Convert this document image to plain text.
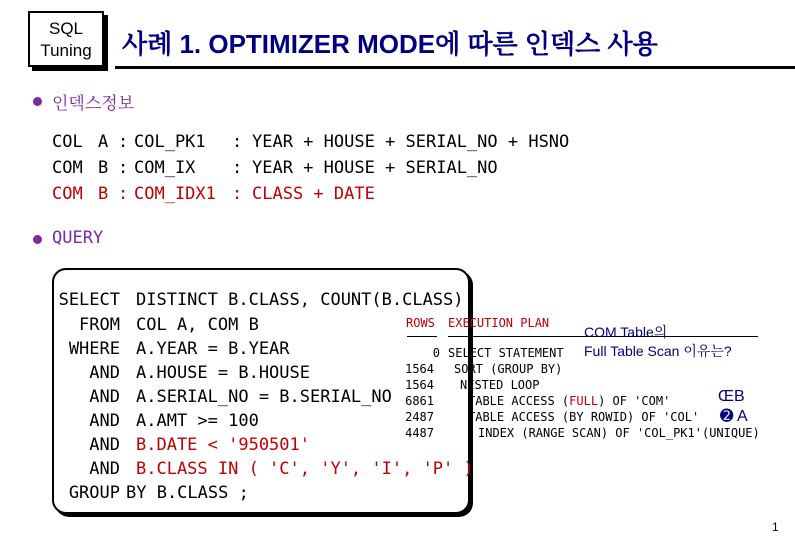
SQL
Tuning	사례 1. OPTIMIZER MODE에 따른 인덱스 사용
인덱스정보
COL A : COL_PK1 : YEAR + HOUSE + SERIAL_NO + HSNO
COM B : COM_IX : YEAR + HOUSE + SERIAL_NO
COM B : COM_IDX1 : CLASS + DATE
QUERY
SELECT DISTINCT B.CLASS, COUNT(B.CLASS)
FROM COL A, COM B
WHERE A.YEAR = B.YEAR
AND A.HOUSE = B.HOUSE
AND A.SERIAL_NO = B.SERIAL_NO
AND A.AMT >= 100
AND B.DATE < '950501'
AND B.CLASS IN ( 'C', 'Y', 'I', 'P' )
GROUP BY B.CLASS ;
ROWS EXECUTION PLAN
0 SELECT STATEMENT
1564 SORT (GROUP BY)
1564 NESTED LOOP
6861	TABLE ACCESS (FULL) OF 'COM'	ŒB
2487	TABLE ACCESS (BY ROWID) OF 'COL' ➋ A
4487	INDEX (RANGE SCAN) OF 'COL_PK1'(UNIQUE)
COM Table의
Full Table Scan 이유는?
1
